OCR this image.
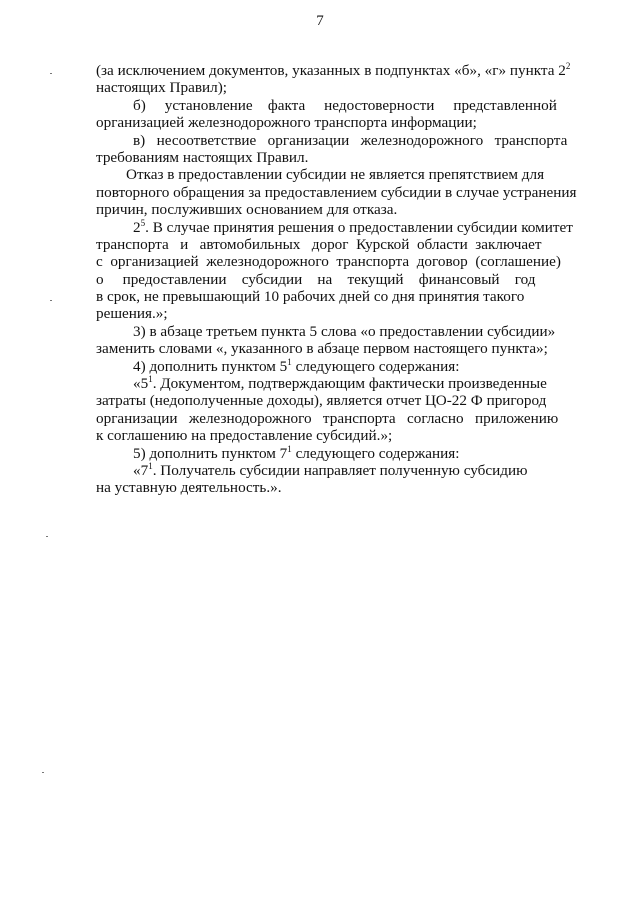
7
(за исключением документов, указанных в подпунктах «б», «г» пункта $2^2$
настоящих Правил);
б)     установление    факта     недостоверности     представленной
организацией железнодорожного транспорта информации;
в)   несоответствие   организации   железнодорожного   транспорта
требованиям настоящих Правил.
Отказ в предоставлении субсидии не является препятствием для
повторного обращения за предоставлением субсидии в случае устранения
причин, послуживших основанием для отказа.
$2^5$. В случае принятия решения о предоставлении субсидии комитет
транспорта   и   автомобильных   дорог  Курской  области  заключает
с  организацией  железнодорожного  транспорта  договор  (соглашение)
о     предоставлении    субсидии    на    текущий    финансовый    год
в срок, не превышающий 10 рабочих дней со дня принятия такого
решения.»;
3) в абзаце третьем пункта 5 слова «о предоставлении субсидии»
заменить словами «, указанного в абзаце первом настоящего пункта»;
4) дополнить пунктом $5^1$ следующего содержания:
«$5^1$. Документом, подтверждающим фактически произведенные
затраты (недополученные доходы), является отчет ЦО-22 Ф пригород
организации   железнодорожного   транспорта   согласно   приложению
к соглашению на предоставление субсидий.»;
5) дополнить пунктом $7^1$ следующего содержания:
«$7^1$. Получатель субсидии направляет полученную субсидию
на уставную деятельность.».
